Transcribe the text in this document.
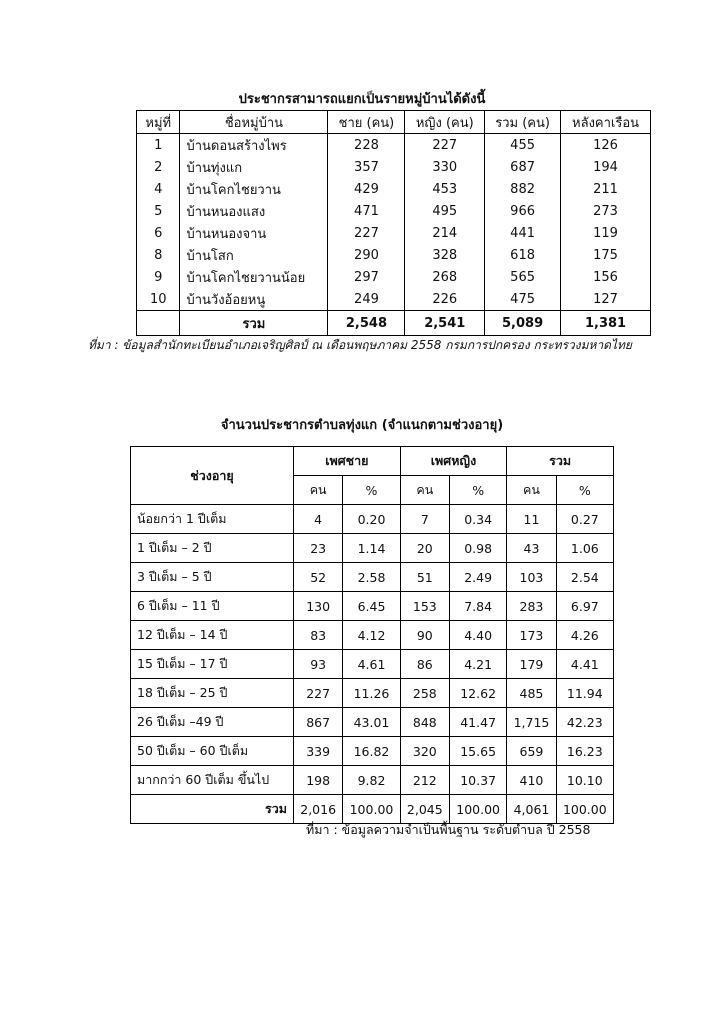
ประชากรสามารถแยกเป็นรายหมู่บ้านได้ดังนี้
หมู่ที่	ชื่อหมู่บ้าน	ชาย (คน)	หญิง (คน)	รวม (คน)	หลังคาเรือน
1	บ้านดอนสร้างไพร	228	227	455	126
2	บ้านทุ่งแก	357	330	687	194
4	บ้านโคกไชยวาน	429	453	882	211
5	บ้านหนองแสง	471	495	966	273
6	บ้านหนองจาน	227	214	441	119
8	บ้านโสก	290	328	618	175
9	บ้านโคกไชยวานน้อย	297	268	565	156
10	บ้านวังอ้อยหนู	249	226	475	127
	รวม	2,548	2,541	5,089	1,381
ที่มา : ข้อมูลสำนักทะเบียนอำเภอเจริญศิลป์ ณ เดือนพฤษภาคม 2558 กรมการปกครอง กระทรวงมหาดไทย
จำนวนประชากรตำบลทุ่งแก (จำแนกตามช่วงอายุ)
ช่วงอายุ	เพศชาย		เพศหญิง		รวม	
	คน	%	คน	%	คน	%
น้อยกว่า 1 ปีเต็ม	4	0.20	7	0.34	11	0.27
1 ปีเต็ม – 2 ปี	23	1.14	20	0.98	43	1.06
3 ปีเต็ม – 5 ปี	52	2.58	51	2.49	103	2.54
6 ปีเต็ม – 11 ปี	130	6.45	153	7.84	283	6.97
12 ปีเต็ม – 14 ปี	83	4.12	90	4.40	173	4.26
15 ปีเต็ม – 17 ปี	93	4.61	86	4.21	179	4.41
18 ปีเต็ม – 25 ปี	227	11.26	258	12.62	485	11.94
26 ปีเต็ม –49 ปี	867	43.01	848	41.47	1,715	42.23
50 ปีเต็ม – 60 ปีเต็ม	339	16.82	320	15.65	659	16.23
มากกว่า 60 ปีเต็ม ขึ้นไป	198	9.82	212	10.37	410	10.10
รวม	2,016	100.00	2,045	100.00	4,061	100.00
ที่มา : ข้อมูลความจำเป็นพื้นฐาน ระดับตำบล ปี 2558
